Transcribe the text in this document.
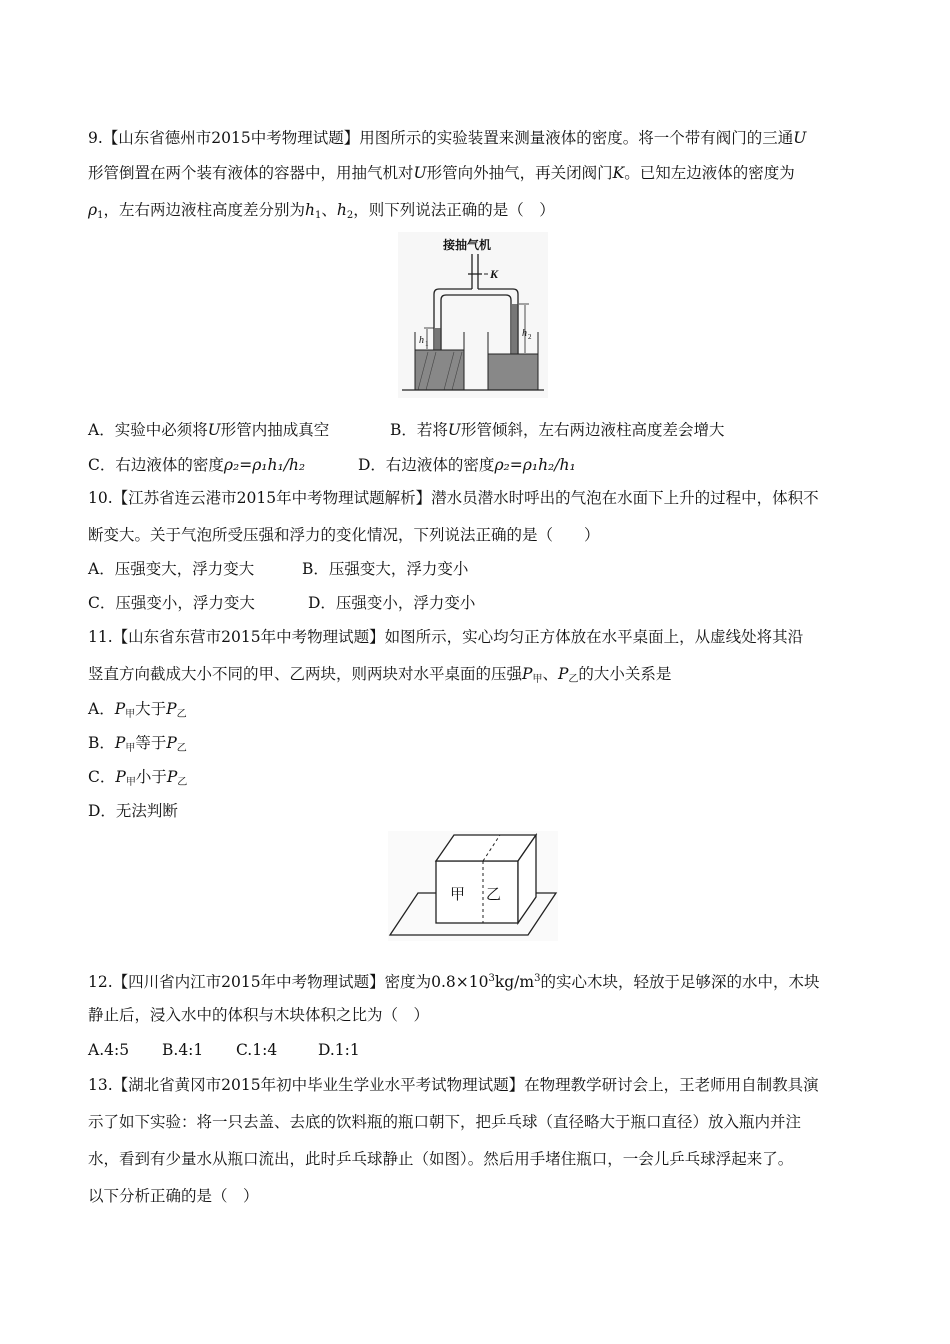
9.【山东省德州市2015中考物理试题】用图所示的实验装置来测量液体的密度。将一个带有阀门的三通U
形管倒置在两个装有液体的容器中，用抽气机对U形管向外抽气，再关闭阀门K。已知左边液体的密度为
$\rho_1$，左右两边液柱高度差分别为$h_1$、$h_2$，则下列说法正确的是（　）
接抽气机
K
h 1
h 2
A．实验中必须将U形管内抽成真空	B．若将U形管倾斜，左右两边液柱高度差会增大
C．右边液体的密度ρ₂=ρ₁h₁/h₂	D．右边液体的密度ρ₂=ρ₁h₂/h₁
10.【江苏省连云港市2015年中考物理试题解析】潜水员潜水时呼出的气泡在水面下上升的过程中，体积不
断变大。关于气泡所受压强和浮力的变化情况，下列说法正确的是（　　）
A．压强变大，浮力变大	B．压强变大，浮力变小
C．压强变小，浮力变大	D．压强变小，浮力变小
11.【山东省东营市2015年中考物理试题】如图所示，实心均匀正方体放在水平桌面上，从虚线处将其沿
竖直方向截成大小不同的甲、乙两块，则两块对水平桌面的压强$P_甲$、$P_乙$的大小关系是
A．$P_甲$大于$P_乙$
B．$P_甲$等于$P_乙$
C．$P_甲$小于$P_乙$
D．无法判断
甲 乙
12.【四川省内江市2015年中考物理试题】密度为$0.8\times 10^3kg/m^3$的实心木块，轻放于足够深的水中，木块
静止后，浸入水中的体积与木块体积之比为（　）
A.4:5 B.4:1 C.1:4	D.1:1
13.【湖北省黄冈市2015年初中毕业生学业水平考试物理试题】在物理教学研讨会上，王老师用自制教具演
示了如下实验：将一只去盖、去底的饮料瓶的瓶口朝下，把乒乓球（直径略大于瓶口直径）放入瓶内并注
水，看到有少量水从瓶口流出，此时乒乓球静止（如图）。然后用手堵住瓶口，一会儿乒乓球浮起来了。
以下分析正确的是（　）
